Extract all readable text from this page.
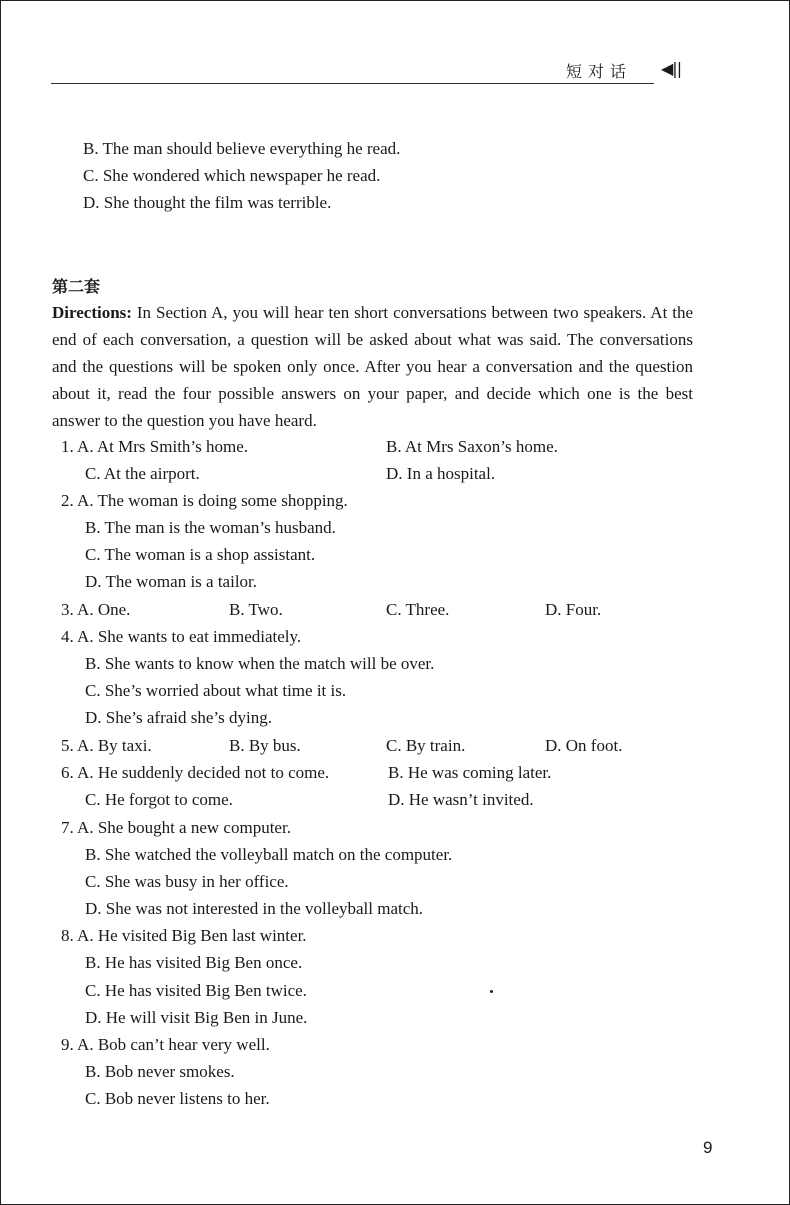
短对话 ◀||
B. The man should believe everything he read.
C. She wondered which newspaper he read.
D. She thought the film was terrible.
第二套
Directions: In Section A, you will hear ten short conversations between two speakers. At the end of each conversation, a question will be asked about what was said. The conversations and the questions will be spoken only once. After you hear a conversation and the question about it, read the four possible answers on your paper, and decide which one is the best answer to the question you have heard.
1. A. At Mrs Smith’s home.	B. At Mrs Saxon’s home.
C. At the airport.	D. In a hospital.
2. A. The woman is doing some shopping.
B. The man is the woman’s husband.
C. The woman is a shop assistant.
D. The woman is a tailor.
3. A. One.	B. Two.	C. Three.	D. Four.
4. A. She wants to eat immediately.
B. She wants to know when the match will be over.
C. She’s worried about what time it is.
D. She’s afraid she’s dying.
5. A. By taxi.	B. By bus.	C. By train.	D. On foot.
6. A. He suddenly decided not to come.	B. He was coming later.
C. He forgot to come.	D. He wasn’t invited.
7. A. She bought a new computer.
B. She watched the volleyball match on the computer.
C. She was busy in her office.
D. She was not interested in the volleyball match.
8. A. He visited Big Ben last winter.
B. He has visited Big Ben once.
C. He has visited Big Ben twice.
D. He will visit Big Ben in June.
9. A. Bob can’t hear very well.
B. Bob never smokes.
C. Bob never listens to her.
9
